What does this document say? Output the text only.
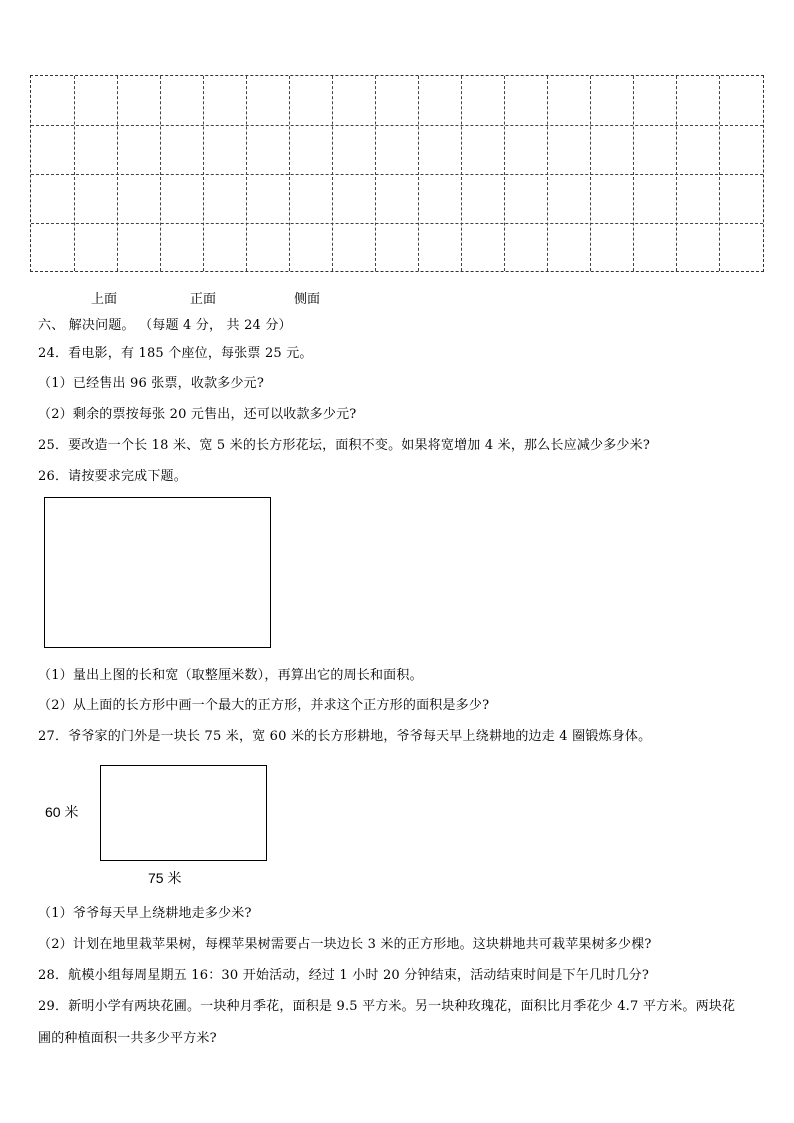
上面	正面	侧面
六、 解决问题。 （每题 4 分， 共 24 分）
24．看电影，有 185 个座位，每张票 25 元。
（1）已经售出 96 张票，收款多少元?
（2）剩余的票按每张 20 元售出，还可以收款多少元?
25．要改造一个长 18 米、宽 5 米的长方形花坛，面积不变。如果将宽增加 4 米，那么长应减少多少米?
26．请按要求完成下题。
（1）量出上图的长和宽（取整厘米数），再算出它的周长和面积。
（2）从上面的长方形中画一个最大的正方形，并求这个正方形的面积是多少?
27．爷爷家的门外是一块长 75 米，宽 60 米的长方形耕地，爷爷每天早上绕耕地的边走 4 圈锻炼身体。
60 米
75 米
（1）爷爷每天早上绕耕地走多少米?
（2）计划在地里栽苹果树，每棵苹果树需要占一块边长 3 米的正方形地。这块耕地共可栽苹果树多少棵?
28．航模小组每周星期五 16：30 开始活动，经过 1 小时 20 分钟结束，活动结束时间是下午几时几分?
29．新明小学有两块花圃。一块种月季花，面积是 9.5 平方米。另一块种玫瑰花，面积比月季花少 4.7 平方米。两块花
圃的种植面积一共多少平方米?
